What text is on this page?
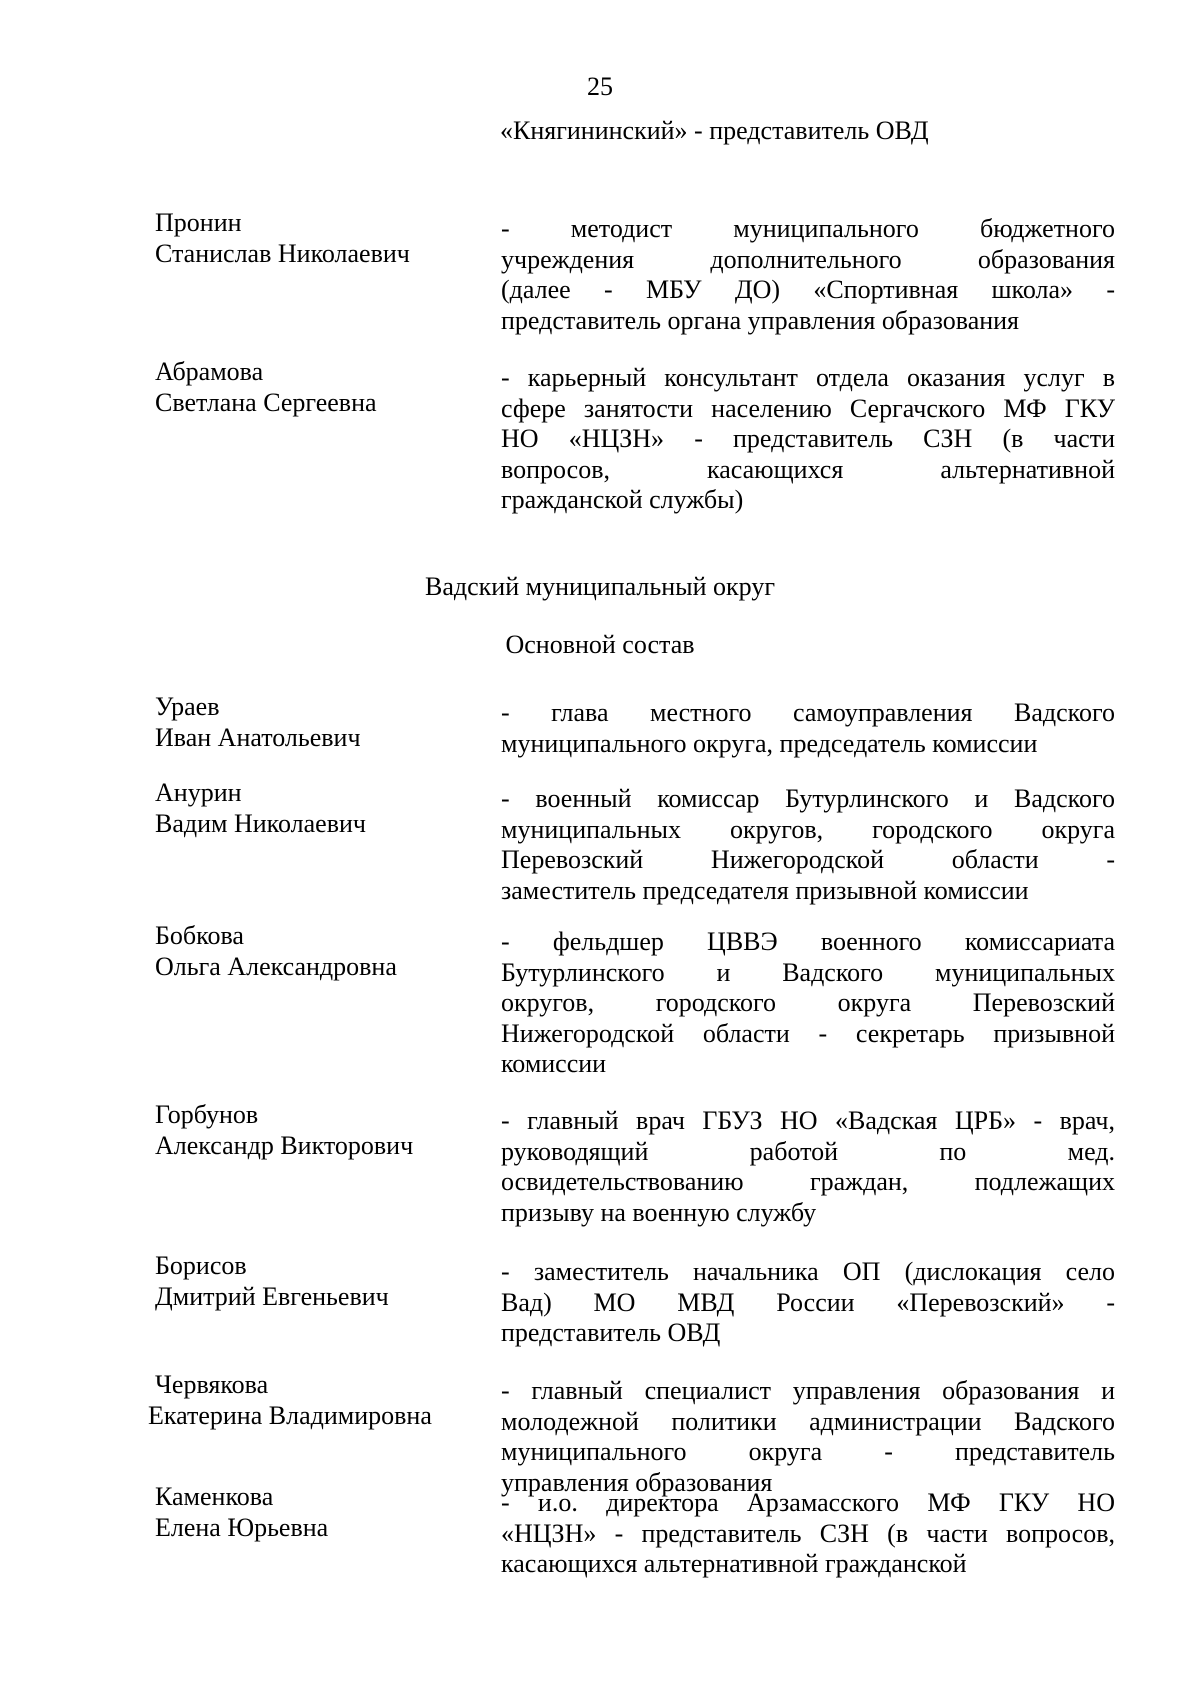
25
«Княгининский» - представитель ОВД
Пронин
Станислав Николаевич
- методист муниципального бюджетного
учреждения дополнительного образования
(далее - МБУ ДО) «Спортивная школа» -
представитель органа управления образования
Абрамова
Светлана Сергеевна
- карьерный консультант отдела оказания услуг в
сфере занятости населению Сергачского МФ ГКУ
НО «НЦЗН» - представитель СЗН (в части
вопросов, касающихся альтернативной
гражданской службы)
Вадский муниципальный округ
Основной состав
Ураев
Иван Анатольевич
- глава местного самоуправления Вадского
муниципального округа, председатель комиссии
Анурин
Вадим Николаевич
- военный комиссар Бутурлинского и Вадского
муниципальных округов, городского округа
Перевозский Нижегородской области -
заместитель председателя призывной комиссии
Бобкова
Ольга Александровна
- фельдшер ЦВВЭ военного комиссариата
Бутурлинского и Вадского муниципальных
округов, городского округа Перевозский
Нижегородской области - секретарь призывной
комиссии
Горбунов
Александр Викторович
- главный врач ГБУЗ НО «Вадская ЦРБ» - врач,
руководящий работой по мед.
освидетельствованию граждан, подлежащих
призыву на военную службу
Борисов
Дмитрий Евгеньевич
- заместитель начальника ОП (дислокация село
Вад) МО МВД России «Перевозский» -
представитель ОВД
Червякова
Екатерина Владимировна
- главный специалист управления образования и
молодежной политики администрации Вадского
муниципального округа - представитель
управления образования
Каменкова
Елена Юрьевна
- и.о. директора Арзамасского МФ ГКУ НО
«НЦЗН» - представитель СЗН (в части вопросов,
касающихся альтернативной гражданской
